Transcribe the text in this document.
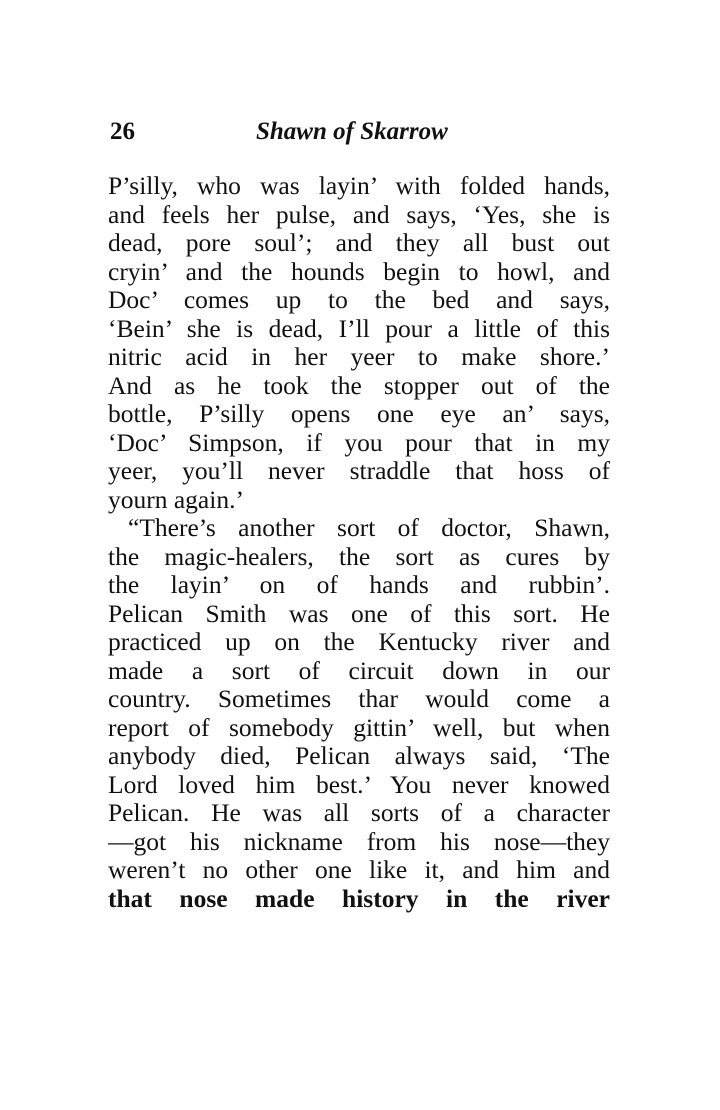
26	Shawn of Skarrow
P’silly, who was layin’ with folded hands,
and feels her pulse, and says, ‘Yes, she is
dead, pore soul’; and they all bust out
cryin’ and the hounds begin to howl, and
Doc’ comes up to the bed and says,
‘Bein’ she is dead, I’ll pour a little of this
nitric acid in her yeer to make shore.’
And as he took the stopper out of the
bottle, P’silly opens one eye an’ says,
‘Doc’ Simpson, if you pour that in my
yeer, you’ll never straddle that hoss of
yourn again.’
“There’s another sort of doctor, Shawn,
the magic-healers, the sort as cures by
the layin’ on of hands and rubbin’.
Pelican Smith was one of this sort. He
practiced up on the Kentucky river and
made a sort of circuit down in our
country. Sometimes thar would come a
report of somebody gittin’ well, but when
anybody died, Pelican always said, ‘The
Lord loved him best.’ You never knowed
Pelican. He was all sorts of a character
—got his nickname from his nose—they
weren’t no other one like it, and him and
that nose made history in the river
